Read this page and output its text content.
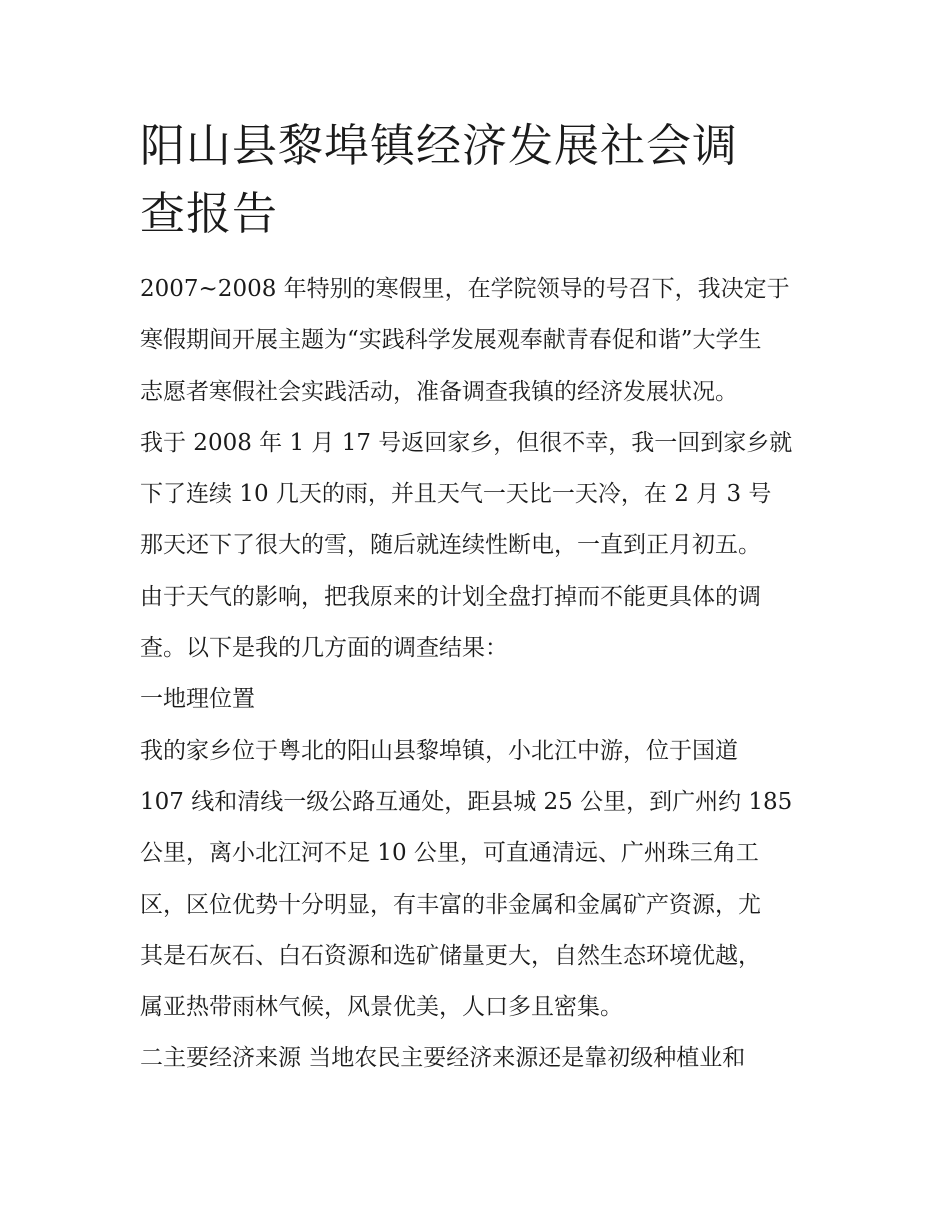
阳山县黎埠镇经济发展社会调
查报告
2007~2008 年特别的寒假里，在学院领导的号召下，我决定于
寒假期间开展主题为“实践科学发展观奉献青春促和谐”大学生
志愿者寒假社会实践活动，准备调查我镇的经济发展状况。
我于 2008 年 1 月 17 号返回家乡，但很不幸，我一回到家乡就
下了连续 10 几天的雨，并且天气一天比一天冷，在 2 月 3 号
那天还下了很大的雪，随后就连续性断电，一直到正月初五。
由于天气的影响，把我原来的计划全盘打掉而不能更具体的调
查。以下是我的几方面的调查结果：
一地理位置
我的家乡位于粤北的阳山县黎埠镇，小北江中游，位于国道
107 线和清线一级公路互通处，距县城 25 公里，到广州约 185
公里，离小北江河不足 10 公里，可直通清远、广州珠三角工
区，区位优势十分明显，有丰富的非金属和金属矿产资源，尤
其是石灰石、白石资源和选矿储量更大，自然生态环境优越，
属亚热带雨林气候，风景优美，人口多且密集。
二主要经济来源 当地农民主要经济来源还是靠初级种植业和
